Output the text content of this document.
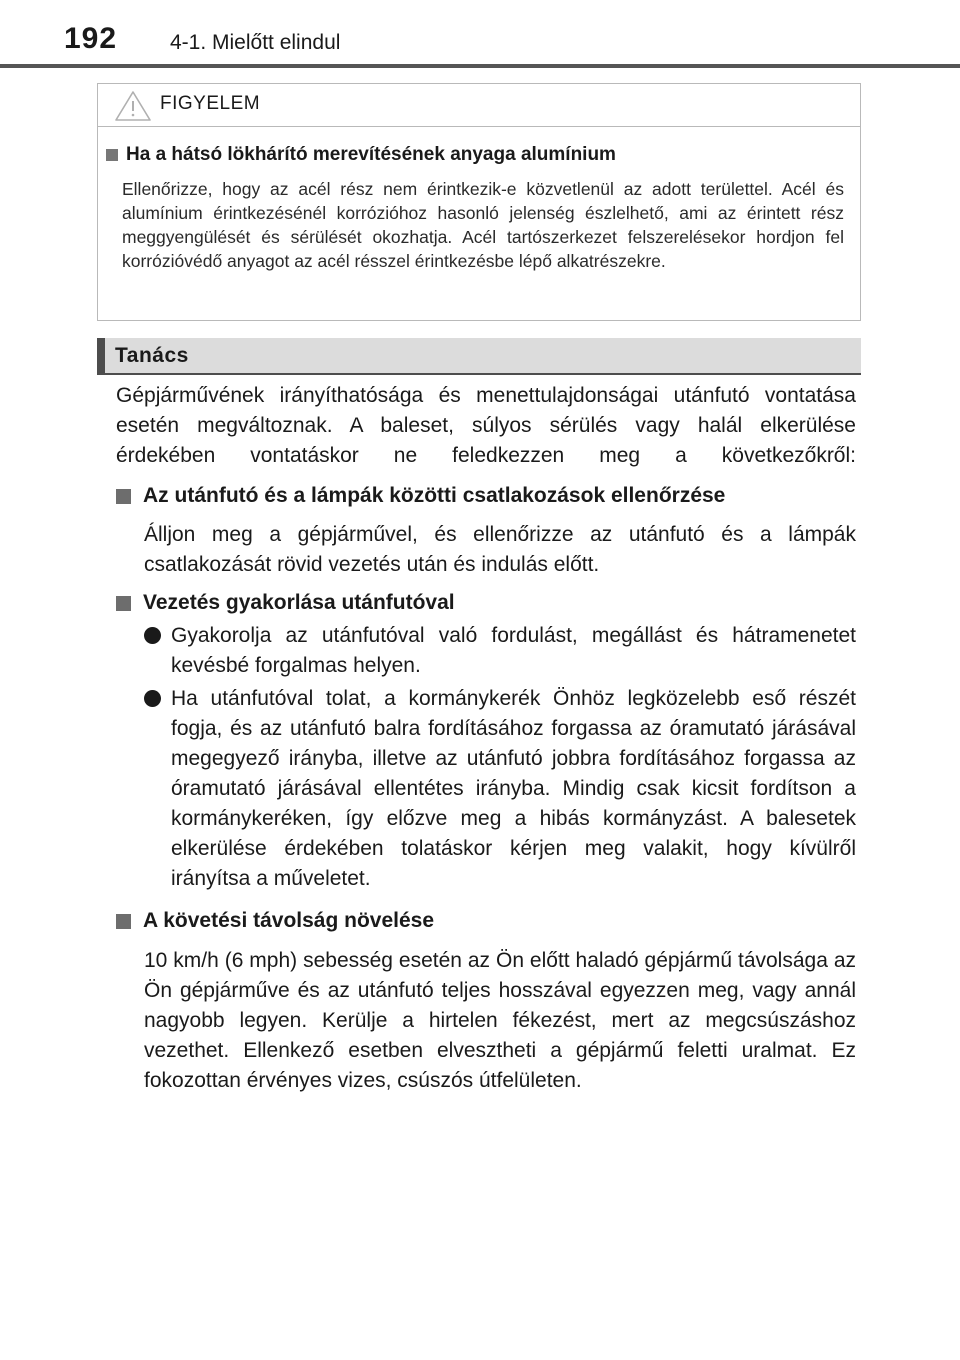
192	4-1. Mielőtt elindul
FIGYELEM
Ha a hátsó lökhárító merevítésének anyaga alumínium
Ellenőrizze, hogy az acél rész nem érintkezik-e közvetlenül az adott területtel. Acél és alumínium érintkezésénél korrózióhoz hasonló jelenség észlelhető, ami az érintett rész meggyengülését és sérülését okozhatja. Acél tartószerkezet felszerelésekor hordjon fel korrózióvédő anyagot az acél résszel érintkezésbe lépő alkatrészekre.
Tanács
Gépjárművének irányíthatósága és menettulajdonságai utánfutó vontatása esetén megváltoznak. A baleset, súlyos sérülés vagy halál elkerülése érdekében vontatáskor ne feledkezzen meg a következőkről:
Az utánfutó és a lámpák közötti csatlakozások ellenőrzése
Álljon meg a gépjárművel, és ellenőrizze az utánfutó és a lámpák csatlakozását rövid vezetés után és indulás előtt.
Vezetés gyakorlása utánfutóval
Gyakorolja az utánfutóval való fordulást, megállást és hátramenetet kevésbé forgalmas helyen.
Ha utánfutóval tolat, a kormánykerék Önhöz legközelebb eső részét fogja, és az utánfutó balra fordításához forgassa az óramutató járásával megegyező irányba, illetve az utánfutó jobbra fordításához forgassa az óramutató járásával ellentétes irányba. Mindig csak kicsit fordítson a kormánykeréken, így előzve meg a hibás kormányzást. A balesetek elkerülése érdekében tolatáskor kérjen meg valakit, hogy kívülről irányítsa a műveletet.
A követési távolság növelése
10 km/h (6 mph) sebesség esetén az Ön előtt haladó gépjármű távolsága az Ön gépjárműve és az utánfutó teljes hosszával egyezzen meg, vagy annál nagyobb legyen. Kerülje a hirtelen fékezést, mert az megcsúszáshoz vezethet. Ellenkező esetben elvesztheti a gépjármű feletti uralmat. Ez fokozottan érvényes vizes, csúszós útfelületen.
